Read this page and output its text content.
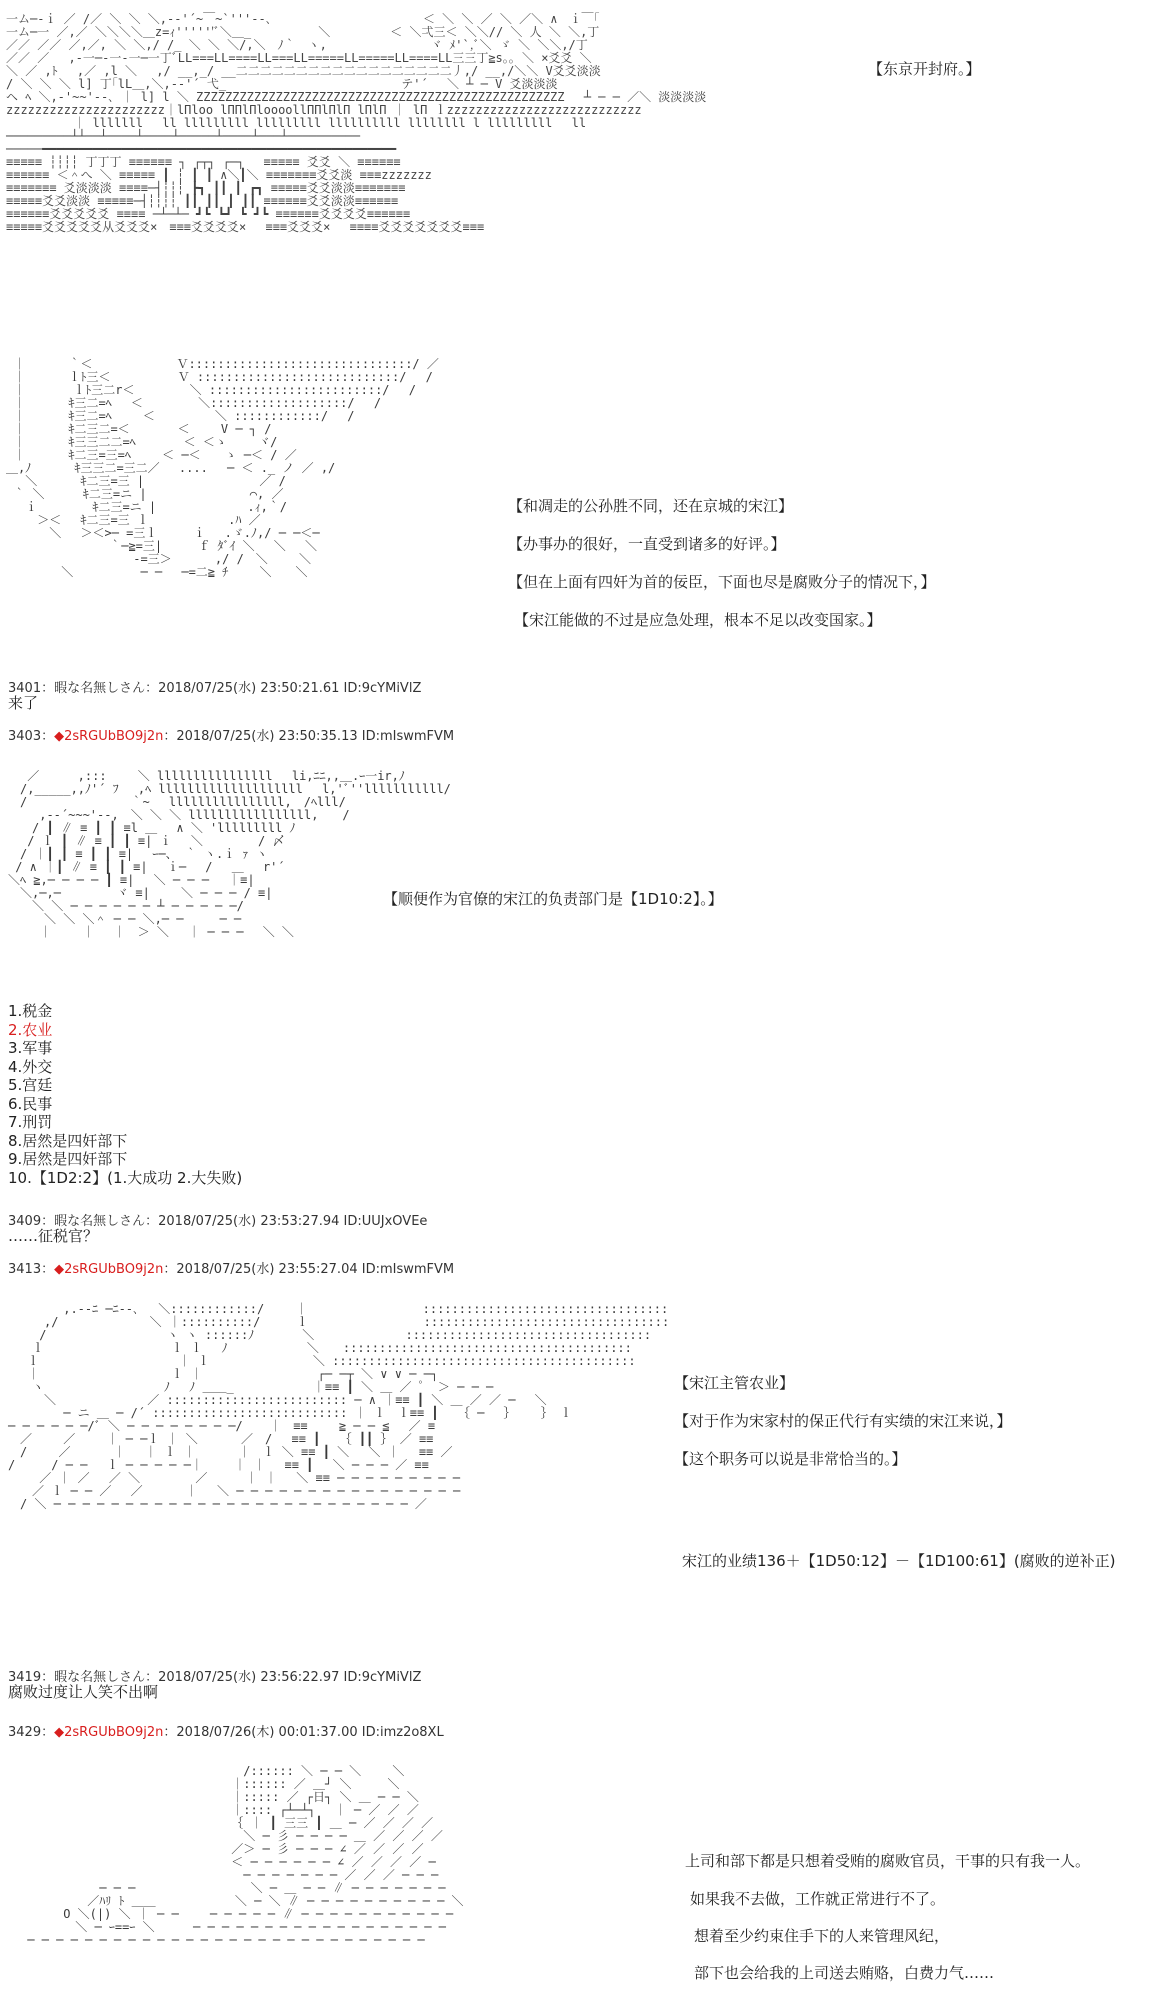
一ム─‐ｉ ／ /／ ＼ ＼ ＼,-‐'´~￣~`'''‐-､　　　　　　　　　　　　 ＜ ＼ ＼ ／ ＼ ／＼ ∧　ｉ￣｢
一ム─一 ／,／ ＼＼＼＼＿z=ｨ''''''ﾞ＼＿_　　　　　 ＼　　　　　＜ ＼弌三＜ ＼＼// ＼ 人 ＼ ＼,丁
／／ ／／ ／,／, ＼ ＼,/ /_ ＼ ＼ ＼/,＼　ﾉ｀　ヽ,　　　　　　　　 ヾ ﾒ'`,ﾞ＼ ゞ ＼ ＼＼,/丁
／／ ／　 ,-一─‐一‐一─一丁ﾞLL===LL====LL===LL=====LL=====LL====LL三三丁≧s｡｡ ＼ ×爻爻 ＼
＼ ／ ,ﾄ　 ,／ ,l ＼　 ,/ __,_/ __二二二二二二二二二二二二二二二二二二丿,/ __,/＼＼ V爻爻淡淡
/ ＼ ＼ ＼ l] 丁｢lL＿,＼,-‐'´ 弋_　　　　　　　　　　　　　　 テ'´　 ＼ ┴ ─ V 爻淡淡淡
ヘ ﾍ ＼,-'~~'‐-､ ｜ l] l ＼ ZZZZZZZZZZZZZZZZZZZZZZZZZZZZZZZZZZZZZZZZZZZZZZZZZZZ　 ┴ ─ ─ ／＼ 淡淡淡淡
zzzzzzzzzzzzzzzzzzzzzz｜lΠloo lΠΠlΠloooollΠΠlΠlΠ lΠlΠ ｜ lΠ ｌzzzzzzzzzzzzzzzzzzzzzzzzzzz
　　　　　 ｜ lllllll　 ll lllllllll lllllllll llllllllll llllllll l lllllllll　 ll
─────────┴┴──┴────┴────┴─────┴────┴───┴──────────
─────━━━━━━━━━━━━━━━━━━━━━━━━━━━━━━━━━━━━━━━━━━━━━━━━━
≡≡≡≡≡ ┆┆┆┆ 丁丁丁 ≡≡≡≡≡≡ ┐ ┌┬┐ ┌─┐　 ≡≡≡≡≡ 爻爻 ＼ ≡≡≡≡≡≡
≡≡≡≡≡≡ ＜＾へ ＼ ≡≡≡≡≡ ┃ ┆ ┃ ┃ ∧＼┃＼ ≡≡≡≡≡≡≡爻爻淡 ≡≡≡zzzzzzz
≡≡≡≡≡≡≡ 爻淡淡淡 ≡≡≡≡─┤┆┆┆ ┣┓ ┃┃ ┃ ┏┓ ≡≡≡≡≡爻爻淡淡≡≡≡≡≡≡≡
≡≡≡≡≡爻爻淡淡 ≡≡≡≡≡─┤┆┆┆┆ ┃┃ ┃┃ ┃ ┃┃ ≡≡≡≡≡≡爻爻淡淡≡≡≡≡≡≡
≡≡≡≡≡≡爻爻爻爻爻 ≡≡≡≡ ─┴─┴─ ┛┗ ┗┛ ┗ ┛┗ ≡≡≡≡≡≡爻爻爻爻≡≡≡≡≡≡
≡≡≡≡≡爻爻爻爻爻从爻爻爻×　≡≡≡爻爻爻爻×　 ≡≡≡爻爻爻×　 ≡≡≡≡爻爻爻爻爻爻爻≡≡≡

【东京开封府。】

｜　　　 ｀＜　　　　　　　Ｖ:::::::::::::::::::::::::::::::/ ／
｜　　　 ｌﾄ三＜　　　　　 Ｖ ::::::::::::::::::::::::::::/　 /
｜　　　　ｌﾄ三二r＜　　　　 ＼ ::::::::::::::::::::::::/　 /
｜　　　 ｷ三二=ﾍ　 ＜　　　　 ＼:::::::::::::::::::/　 /
｜　　　 ｷ三二=ﾍ　　 ＜　　　　　＼ ::::::::::::/　 /
｜　　　 ｷ二三二=＜　　　　＜　 　V ─ ┐ /
｜　　　 ｷ三三二二=ﾍ　　　　＜ ＜ゝ　　 ヾ/
｜　　　 ｷ二三=三=ﾍ　　 ＜ ─＜　　ゝ ─＜ / ／
＿,ﾉ　　　 ｷ三三二=三二／　 ....　 ─ ＜ ._ ノ ／ ,/
　 ＼　　 　ｷ二三=三 |　　　　　　　　　 ／ /
｀ ＼ 　　 ｷ二三=ニ |　　　　　　　　 ⌒, ／
　 ｉ　　　　 ｷ二三=ニ |　　　　　　　 .ｨ,｀/
　　 ＞＜　 ｷ二三=三 ｌ　　　　　　 .ﾊ ／
　　　 ＼　 ＞＜>─ =三ｌ　　　ｉ　 .ゞ.ﾉ,/ ─ ─＜─
　　　　　　　　 ｀─≧=三|　　　ｆ ﾀﾞｲ ＼　 ＼ 　＼
　　　　　　　　　　 -=三＞　　　 ,/ /　＼　　 ＼
　　　　 ＼　　　　　 ─ ─　 ─=二≧ ﾁ　　 ＼　　＼

【和凋走的公孙胜不同，还在京城的宋江】
【办事办的很好，一直受到诸多的好评。】
【但在上面有四奸为首的佞臣，下面也尽是腐败分子的情况下，】
【宋江能做的不过是应急处理，根本不足以改变国家。】
3401：暇な名無しさん：2018/07/25(水) 23:50:21.61 ID:9cYMiVlZ
来了
3403：◆2sRGUbBO9j2n：2018/07/25(水) 23:50:35.13 ID:mIswmFVM

　 ／ 　　 ,:::　　 ＼ llllllllllllllll　 li,ﾆﾆ,,＿.ｰ一ir,ﾉ
　/,_____,,ﾉ'´ ﾌ　 ,ﾍ llllllllllllllllllll　 l,'ﾞ''lllllllllll/
　/　　　　　　　 　｀~　 llllllllllllllll,　/ﾍlll/
　　 ,-‐´~~~'‐-,　＼ ＼ ＼ lllllllllllllllll,　　/
　　/ ┃ ∥ ≡ ┃ ┃ ≡l ＿　 ∧ ＼ 'lllllllll ﾉ
　 / ｌ ┃ ∥ ≡ ┃ ┃ ≡| ｉ　 ＼　　　　 / 〆
　/ ｜┃ ┃ ≡ ┃ ┃ ≡|　 ｰ─、 ｀ ヽ.ｉ ｧ ヽ
/ ∧ ｜┃ ∥ ≡ ┃ ┃ ≡| 　ｉ─ 　/　 ＿　 r'´
＼ﾍ ≧,─ ─ ─ ─ ┃ ≡|　 ＼ ─ ─ ─　 ｜≡|
　＼,─,─　　　　 ヾ ≡|　　 ＼ ─ ─ ─ / ≡|
　　＼ ＼ ─ ─ ─ ─ ─ ─ ┴ ─ ─ ─ ─ ─/
　　　＼ ＼ ＼＾ ─ ─ ＼,─ ─　　　─ ─
　　 ｜　　 ｜　 ｜　＞ ＼　 ｜ ─ ─ ─　 ＼ ＼

【顺便作为官僚的宋江的负责部门是【1D10:2】。】
1.税金
2.农业
3.军事
4.外交
5.宫廷
6.民事
7.刑罚
8.居然是四奸部下
9.居然是四奸部下
10.【1D2:2】(1.大成功 2.大失败)
3409：暇な名無しさん：2018/07/25(水) 23:53:27.94 ID:UUJxOVEe
……征税官？
3413：◆2sRGUbBO9j2n：2018/07/25(水) 23:55:27.04 ID:mIswmFVM

　　　　 ,.-‐ﾆ ─ﾆ‐-､　 ＼::::::::::::/　　 ｜　　　　　　　　　 ::::::::::::::::::::::::::::::::::
　　　,/　　　　　　　 ＼ ｜::::::::::/　　　ｌ　　　　　　　　　 ::::::::::::::::::::::::::::::::::
　　 /　　　　　　　　　　ヽ ヽ ::::::ﾉ　　　　＼　　　　　　　 ::::::::::::::::::::::::::::::::::
　　ｌ　　　　　　　　　　 ｌ ｌ　 ﾉ　　　　　　 ＼　　::::::::::::::::::::::::::::::::::::::::
　 ｌ　　　　　　　　　　　 ｜ ｌ　　　　　　　　 ＼ ::::::::::::::::::::::::::::::::::::::::::
　 ｜　　　　　　　　　　　ｌ ｜　　　　　　　　　 ┌─ ─┬ ＼ ∨ ∨ ─ ─┐
　　ヽ　　　　　　　　　　ﾉ　 ﾉ ＿＿_　　　　　　 ｜≡≡ ┃ ＼ ＿ ／ ゜ ＞ ─ ─ ─
　　　＼　　　　　　　 ／ ::::::::::::::::::::::::: ─ ∧ ｜≡≡ ┃ ＼ ＿ ／ ／ ─　 ＼
　　　　 ─ ニ ＿ ─ /´ ::::::::::::::::::::::::::: ｜ ｌ　ｌ≡≡ ┃　 ｛ ─　 ｝　　 ｝ ｌ
─ ─ ─ ─ ─ ─/ﾞ ＼ ─ ─ ─ ─ ─ ─ ─ ─/ 　 ｜　≡≡　　 ≧ ─ ─ ≦　 ／ ≡
　／　　 ／　　 ｜ ─ ─ｌ ｜ ＼　　　 ／　/　 ≡≡ ┃　 ｛ ┃┃ ｝ ／ ≡≡
　/　　 ／　　　 ｜　 ｜ ｌ ｜　　　 ｜　ｌ ＼ ≡≡ ┃ ＼　 ＼ ｜　 ≡≡ ／
/　　　/ ─ ─　 ｌ ─ ─ ─ ─ ─｜　　 ｜ ｜　 ≡≡ ┃　 ＼ ─ ─ ─ ／ ≡≡
　　 ／ ｜ ／　 ／ ＼　　　　 ／　 　 ｜ ｜　 ＼ ≡≡ ─ ─ ─ ─ ─ ─ ─ ─ ─
　　／ ｌ ─ ─ ／　 ／　　　 ｜　 ＼ ─ ─ ─ ─ ─ ─ ─ ─ ─ ─ ─ ─ ─ ─ ─ ─
　/ ＼ ─ ─ ─ ─ ─ ─ ─ ─ ─ ─ ─ ─ ─ ─ ─ ─ ─ ─ ─ ─ ─ ─ ─ ─ ─ ／

【宋江主管农业】
【对于作为宋家村的保正代行有实绩的宋江来说，】
【这个职务可以说是非常恰当的。】
宋江的业绩136＋【1D50:12】－【1D100:61】(腐败的逆补正)
3419：暇な名無しさん：2018/07/25(水) 23:56:22.97 ID:9cYMiVlZ
腐败过度让人笑不出啊
3429：◆2sRGUbBO9j2n：2018/07/26(木) 00:01:37.00 ID:imz2o8XL

　　　　　　　　　　　　　　　　　　　 /:::::: ＼ ─ ─ ＼　　 ＼
　　　　　　　　　　　　　　　　　　 ｜:::::: ／ ＿┘ ＼　　　＼
　　　　　　　　　　　　　　　　　　 ｜::::: ／ ┌日┐ ＼ ＿ ─ ─ ＼
　　　　　　　　　　　　　　　　　　 ｜:::: ┌┴─┴┐　 ｜ ─ ／ ／ ／
　　　　　　　　　　　　　　　　　　 ｛ ｜ ┃ 三三 ┃ ＿ ─ ／ ／ ／ ／
　　　　　　　　　　　　　　　　　　　 ＼ ─ 彡 ─ ─ ─ ─ ＿ ／ ／ ／ ／
　　　　　　　　　　　　　　　　　　 ／＞ ─ 彡 ─ ─ ─ ∠ ／ ／ ／ ／
　　　　　　　　　　　　　　　　　　 ＜ ─ ─ ─ ─ ─ ─ ∠ ／ ／ ／ ／ ─
　　　　　　　　　　　　　　　　　　　 ─ ─ ─ ─ ─ ─ ─ ／ ／ ／ ─ ─ ─
　　　　　　　 ─ ─ ─　　　　　　　　　 ＼ ─ ＿ ─ ─ ∥ ─ ─ ─ ─ ─ ─ ─
　　　　　　 ／ﾊﾘ ﾄ ＿＿　　　　　　 ＼ ─ ＼ ∥ ─ ─ ─ ─ ─ ─ ─ ─ ─ ─ ＼
　　　　 O ＼(|) ＼ ｜ ─ ─　　 ─ ─ ─ ─ ─ ∥ ─ ─ ─ ─ ─ ─ ─ ─ ─ ─ ─
　　　　　 ＼ ─ ｰ==ｰ ＼ 　　 ─ ─ ─ ─ ─ ─ ─ ─ ─ ─ ─ ─ ─ ─ ─ ─ ─ ─
　 ─ ─ ─ ─ ─ ─ ─ ─ ─ ─ ─ ─ ─ ─ ─ ─ ─ ─ ─ ─ ─ ─ ─ ─ ─ ─ ─ ─

上司和部下都是只想着受贿的腐败官员，干事的只有我一人。
如果我不去做，工作就正常进行不了。
想着至少约束住手下的人来管理风纪，
部下也会给我的上司送去贿赂，白费力气……
